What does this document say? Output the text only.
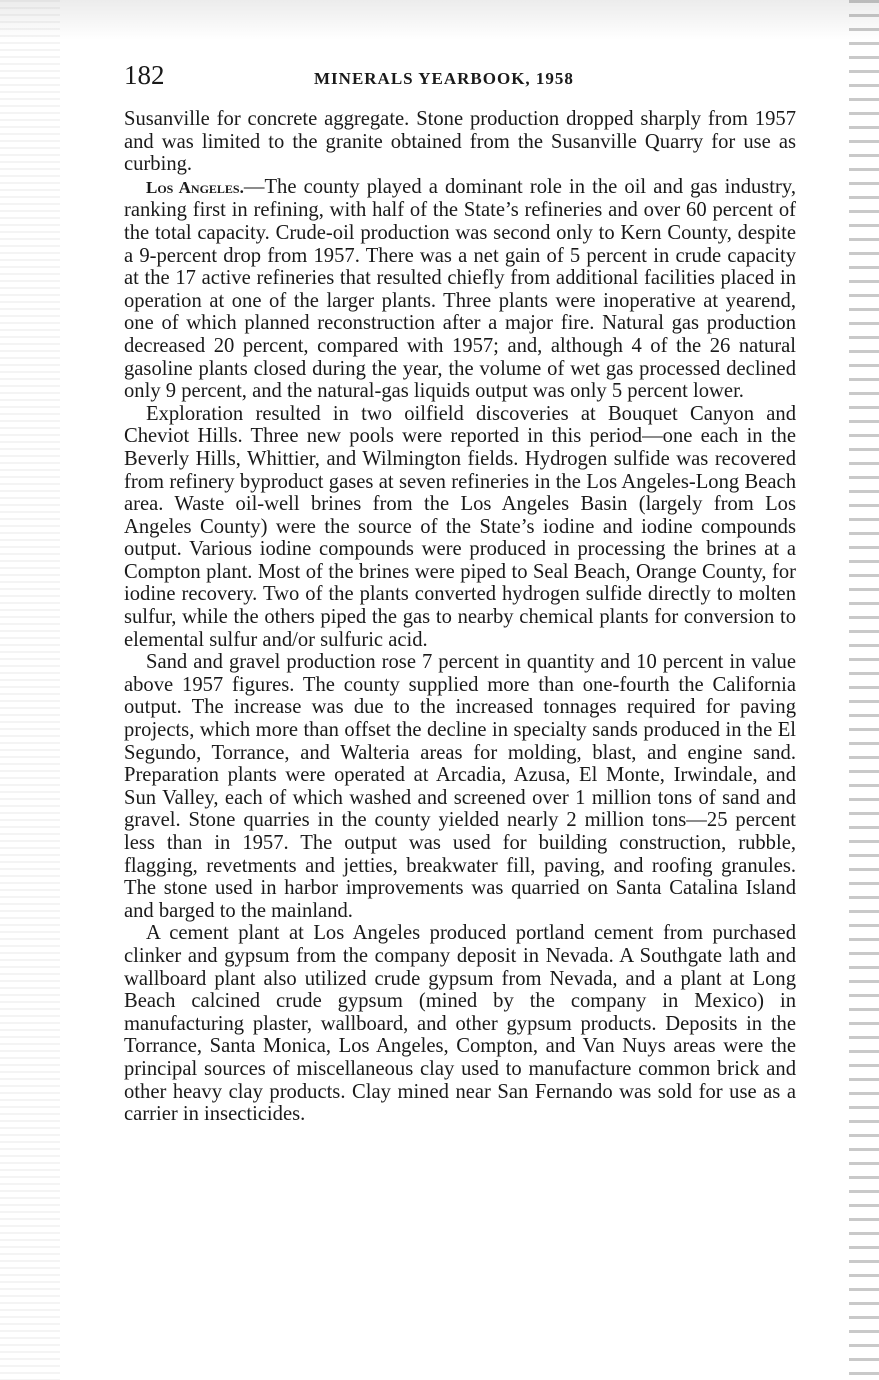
182	MINERALS YEARBOOK, 1958

Susanville for concrete aggregate. Stone production dropped sharply from 1957 and was limited to the granite obtained from the Susanville Quarry for use as curbing.

Los Angeles.—The county played a dominant role in the oil and gas industry, ranking first in refining, with half of the State’s refineries and over 60 percent of the total capacity. Crude-oil production was second only to Kern County, despite a 9-percent drop from 1957. There was a net gain of 5 percent in crude capacity at the 17 active refineries that resulted chiefly from additional facilities placed in operation at one of the larger plants. Three plants were inoperative at yearend, one of which planned reconstruction after a major fire. Natural gas production decreased 20 percent, compared with 1957; and, although 4 of the 26 natural gasoline plants closed during the year, the volume of wet gas processed declined only 9 percent, and the natural-gas liquids output was only 5 percent lower.

Exploration resulted in two oilfield discoveries at Bouquet Canyon and Cheviot Hills. Three new pools were reported in this period—one each in the Beverly Hills, Whittier, and Wilmington fields. Hydrogen sulfide was recovered from refinery byproduct gases at seven refineries in the Los Angeles-Long Beach area. Waste oil-well brines from the Los Angeles Basin (largely from Los Angeles County) were the source of the State’s iodine and iodine compounds output. Various iodine compounds were produced in processing the brines at a Compton plant. Most of the brines were piped to Seal Beach, Orange County, for iodine recovery. Two of the plants converted hydrogen sulfide directly to molten sulfur, while the others piped the gas to nearby chemical plants for conversion to elemental sulfur and/or sulfuric acid.

Sand and gravel production rose 7 percent in quantity and 10 percent in value above 1957 figures. The county supplied more than one-fourth the California output. The increase was due to the increased tonnages required for paving projects, which more than offset the decline in specialty sands produced in the El Segundo, Torrance, and Walteria areas for molding, blast, and engine sand. Preparation plants were operated at Arcadia, Azusa, El Monte, Irwindale, and Sun Valley, each of which washed and screened over 1 million tons of sand and gravel. Stone quarries in the county yielded nearly 2 million tons—25 percent less than in 1957. The output was used for building construction, rubble, flagging, revetments and jetties, breakwater fill, paving, and roofing granules. The stone used in harbor improvements was quarried on Santa Catalina Island and barged to the mainland.

A cement plant at Los Angeles produced portland cement from purchased clinker and gypsum from the company deposit in Nevada. A Southgate lath and wallboard plant also utilized crude gypsum from Nevada, and a plant at Long Beach calcined crude gypsum (mined by the company in Mexico) in manufacturing plaster, wallboard, and other gypsum products. Deposits in the Torrance, Santa Monica, Los Angeles, Compton, and Van Nuys areas were the principal sources of miscellaneous clay used to manufacture common brick and other heavy clay products. Clay mined near San Fernando was sold for use as a carrier in insecticides.
